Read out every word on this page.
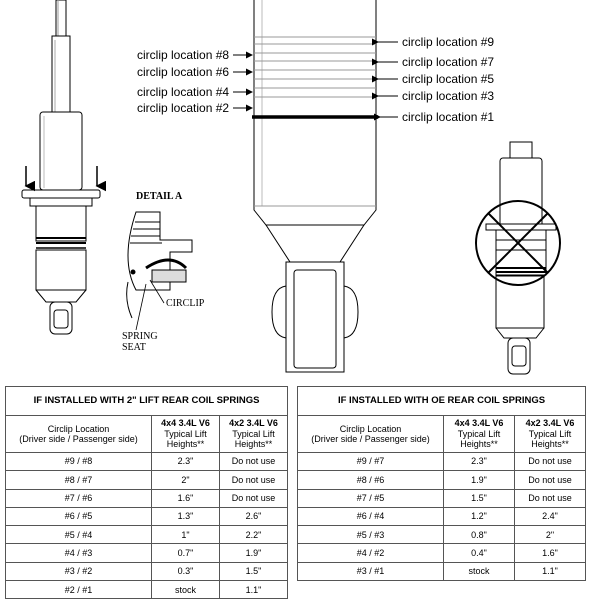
DETAIL A
CIRCLIP
SPRING
SEAT
circlip location #8
circlip location #6
circlip location #4
circlip location #2
circlip location #9
circlip location #7
circlip location #5
circlip location #3
circlip location #1
IF INSTALLED WITH 2" LIFT REAR COIL SPRINGS		
Circlip Location
(Driver side / Passenger side)	4x4 3.4L V6
Typical Lift
Heights**	4x2 3.4L V6
Typical Lift
Heights**
#9 / #8	2.3"	Do not use
#8 / #7	2"	Do not use
#7 / #6	1.6"	Do not use
#6 / #5	1.3"	2.6"
#5 / #4	1"	2.2"
#4 / #3	0.7"	1.9"
#3 / #2	0.3"	1.5"
#2 / #1	stock	1.1"
IF INSTALLED WITH OE REAR COIL SPRINGS		
Circlip Location
(Driver side / Passenger side)	4x4 3.4L V6
Typical Lift
Heights**	4x2 3.4L V6
Typical Lift
Heights**
#9 / #7	2.3"	Do not use
#8 / #6	1.9"	Do not use
#7 / #5	1.5"	Do not use
#6 / #4	1.2"	2.4"
#5 / #3	0.8"	2"
#4 / #2	0.4"	1.6"
#3 / #1	stock	1.1"
